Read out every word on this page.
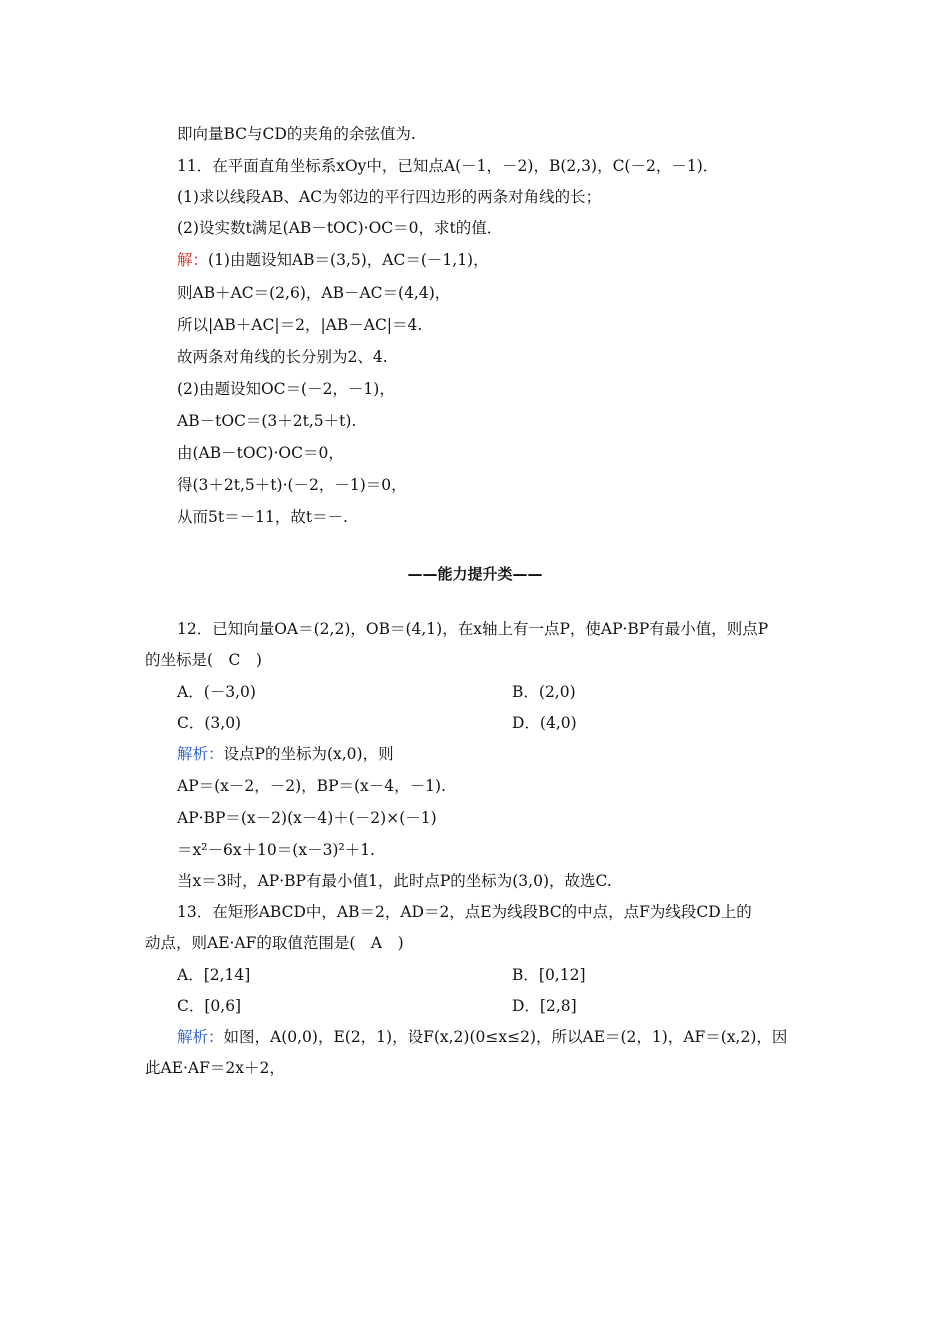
即向量BC与CD的夹角的余弦值为.
11．在平面直角坐标系xOy中，已知点A(－1，－2)，B(2,3)，C(－2，－1)．
(1)求以线段AB、AC为邻边的平行四边形的两条对角线的长；
(2)设实数t满足(AB－tOC)·OC＝0，求t的值．
解：(1)由题设知AB＝(3,5)，AC＝(－1,1)，
则AB＋AC＝(2,6)，AB－AC＝(4,4)，
所以|AB＋AC|＝2，|AB－AC|＝4.
故两条对角线的长分别为2、4.
(2)由题设知OC＝(－2，－1)，
AB－tOC＝(3＋2t,5＋t).
由(AB－tOC)·OC＝0，
得(3＋2t,5＋t)·(－2，－1)＝0，
从而5t＝－11，故t＝－.
12．已知向量OA＝(2,2)，OB＝(4,1)，在x轴上有一点P，使AP·BP有最小值，则点P
的坐标是(　C　)
A．(－3,0)	B．(2,0)
C．(3,0)	D．(4,0)
解析：设点P的坐标为(x,0)，则
AP＝(x－2，－2)，BP＝(x－4，－1).
AP·BP＝(x－2)(x－4)＋(－2)×(－1)
＝x²－6x＋10＝(x－3)²＋1.
当x＝3时，AP·BP有最小值1，此时点P的坐标为(3,0)，故选C.
13．在矩形ABCD中，AB＝2，AD＝2，点E为线段BC的中点，点F为线段CD上的
动点，则AE·AF的取值范围是(　A　)
A．[2,14]	B．[0,12]
C．[0,6]	D．[2,8]
解析：如图，A(0,0)，E(2，1)，设F(x,2)(0≤x≤2)，所以AE＝(2，1)，AF＝(x,2)，因
此AE·AF＝2x＋2，
——能力提升类——
